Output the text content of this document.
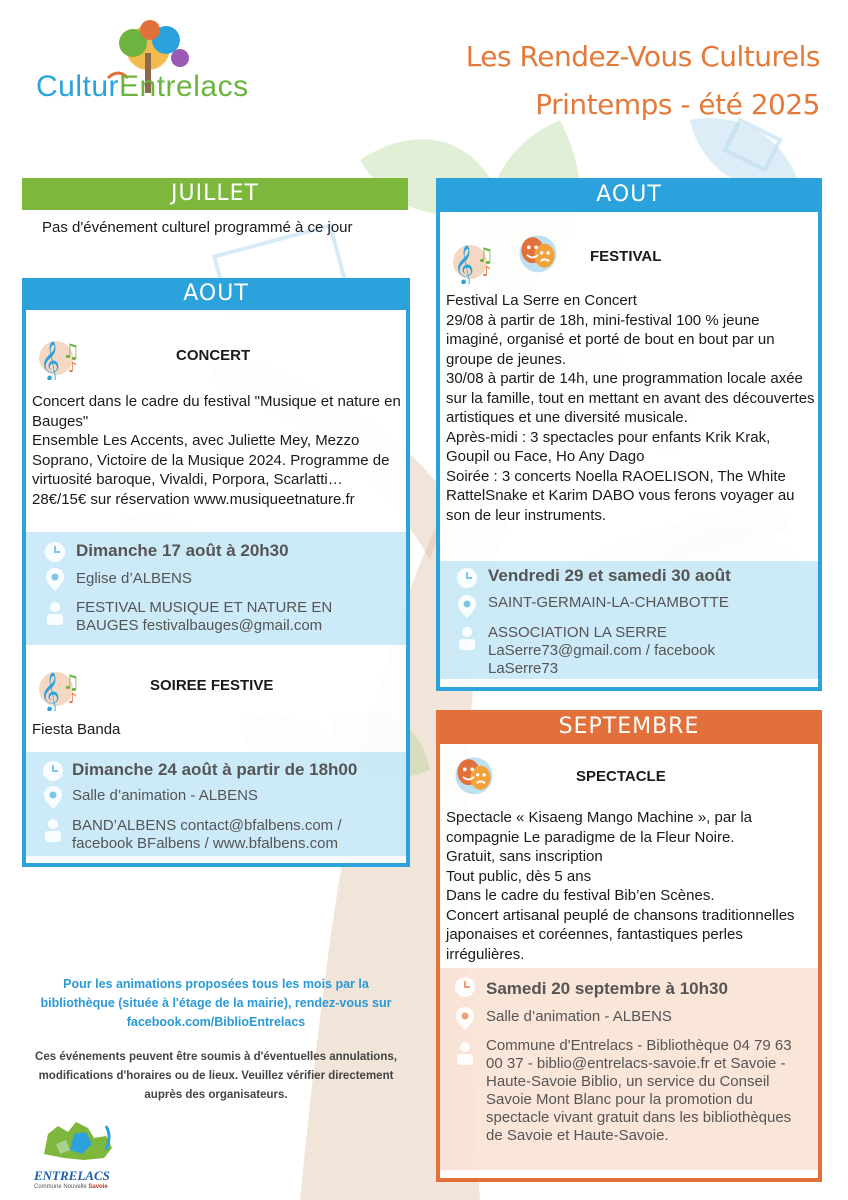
CulturEntrelacs
Les Rendez-Vous Culturels
Printemps - été 2025
JUILLET
Pas d'événement culturel programmé à ce jour
AOUT
𝄞 ♫
♪
CONCERT
Concert dans le cadre du festival "Musique et nature en Bauges"
Ensemble Les Accents, avec Juliette Mey, Mezzo Soprano, Victoire de la Musique 2024. Programme de virtuosité baroque, Vivaldi, Porpora, Scarlatti…
28€/15€ sur réservation www.musiqueetnature.fr
Dimanche 17 août à 20h30
Eglise d’ALBENS
FESTIVAL MUSIQUE ET NATURE EN BAUGES festivalbauges@gmail.com
𝄞 ♫
♪
SOIREE FESTIVE
Fiesta Banda
Dimanche 24 août à partir de 18h00
Salle d’animation - ALBENS
BAND’ALBENS contact@bfalbens.com / facebook BFalbens / www.bfalbens.com
AOUT
𝄞 ♫
♪
FESTIVAL
Festival La Serre en Concert
29/08 à partir de 18h, mini-festival 100 % jeune imaginé, organisé et porté de bout en bout par un groupe de jeunes.
30/08 à partir de 14h, une programmation locale axée sur la famille, tout en mettant en avant des découvertes artistiques et une diversité musicale.
Après-midi : 3 spectacles pour enfants Krik Krak, Goupil ou Face, Ho Any Dago
Soirée : 3 concerts Noella RAOELISON, The White RattelSnake et Karim DABO vous ferons voyager au son de leur instruments.
Vendredi 29 et samedi 30 août
SAINT-GERMAIN-LA-CHAMBOTTE
ASSOCIATION LA SERRE LaSerre73@gmail.com / facebook LaSerre73
SEPTEMBRE
SPECTACLE
Spectacle « Kisaeng Mango Machine », par la compagnie Le paradigme de la Fleur Noire.
Gratuit, sans inscription
Tout public, dès 5 ans
Dans le cadre du festival Bib’en Scènes.
Concert artisanal peuplé de chansons traditionnelles japonaises et coréennes, fantastiques perles irrégulières.
Samedi 20 septembre à 10h30
Salle d’animation - ALBENS
Commune d'Entrelacs - Bibliothèque 04 79 63 00 37 - biblio@entrelacs-savoie.fr et Savoie - Haute-Savoie Biblio, un service du Conseil Savoie Mont Blanc pour la promotion du spectacle vivant gratuit dans les bibliothèques de Savoie et Haute-Savoie.
Pour les animations proposées tous les mois par la bibliothèque (située à l'étage de la mairie), rendez-vous sur facebook.com/BiblioEntrelacs
Ces événements peuvent être soumis à d'éventuelles annulations, modifications d'horaires ou de lieux. Veuillez vérifier directement auprès des organisateurs.
ENTRELACS
Commune Nouvelle Savoie
